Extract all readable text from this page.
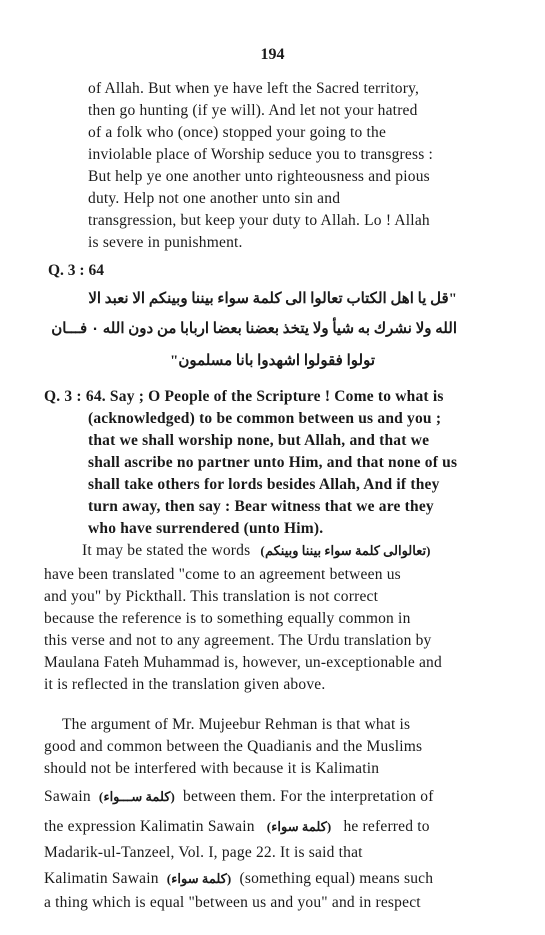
194
of Allah. But when ye have left the Sacred territory,
then go hunting (if ye will). And let not your hatred
of a folk who (once) stopped your going to the
inviolable place of Worship seduce you to transgress :
But help ye one another unto righteousness and pious
duty. Help not one another unto sin and
transgression, but keep your duty to Allah. Lo ! Allah
is severe in punishment.
Q. 3 : 64
"قل يا اهل الكتاب تعالوا الى كلمة سواء بيننا وبينكم الا نعبد الا
الله ولا نشرك به شيأ ولا يتخذ بعضنا بعضا اربابا من دون الله ٠ فـــان
تولوا فقولوا اشهدوا بانا مسلمون"
Q. 3 : 64. Say ; O People of the Scripture ! Come to what is
(acknowledged) to be common between us and you ;
that we shall worship none, but Allah, and that we
shall ascribe no partner unto Him, and that none of us
shall take others for lords besides Allah, And if they
turn away, then say : Bear witness that we are they
who have surrendered (unto Him).
It may be stated the words (تعالوالی کلمة سواء بيننا وبينكم)
have been translated "come to an agreement between us
and you" by Pickthall. This translation is not correct
because the reference is to something equally common in
this verse and not to any agreement. The Urdu translation by
Maulana Fateh Muhammad is, however, un-exceptionable and
it is reflected in the translation given above.
The argument of Mr. Mujeebur Rehman is that what is
good and common between the Quadianis and the Muslims
should not be interfered with because it is Kalimatin
Sawain (كلمة ســـواء) between them. For the interpretation of
the expression Kalimatin Sawain (كلمة سواء) he referred to
Madarik-ul-Tanzeel, Vol. I, page 22. It is said that
Kalimatin Sawain (كلمة سواء) (something equal) means such
a thing which is equal "between us and you" and in respect
